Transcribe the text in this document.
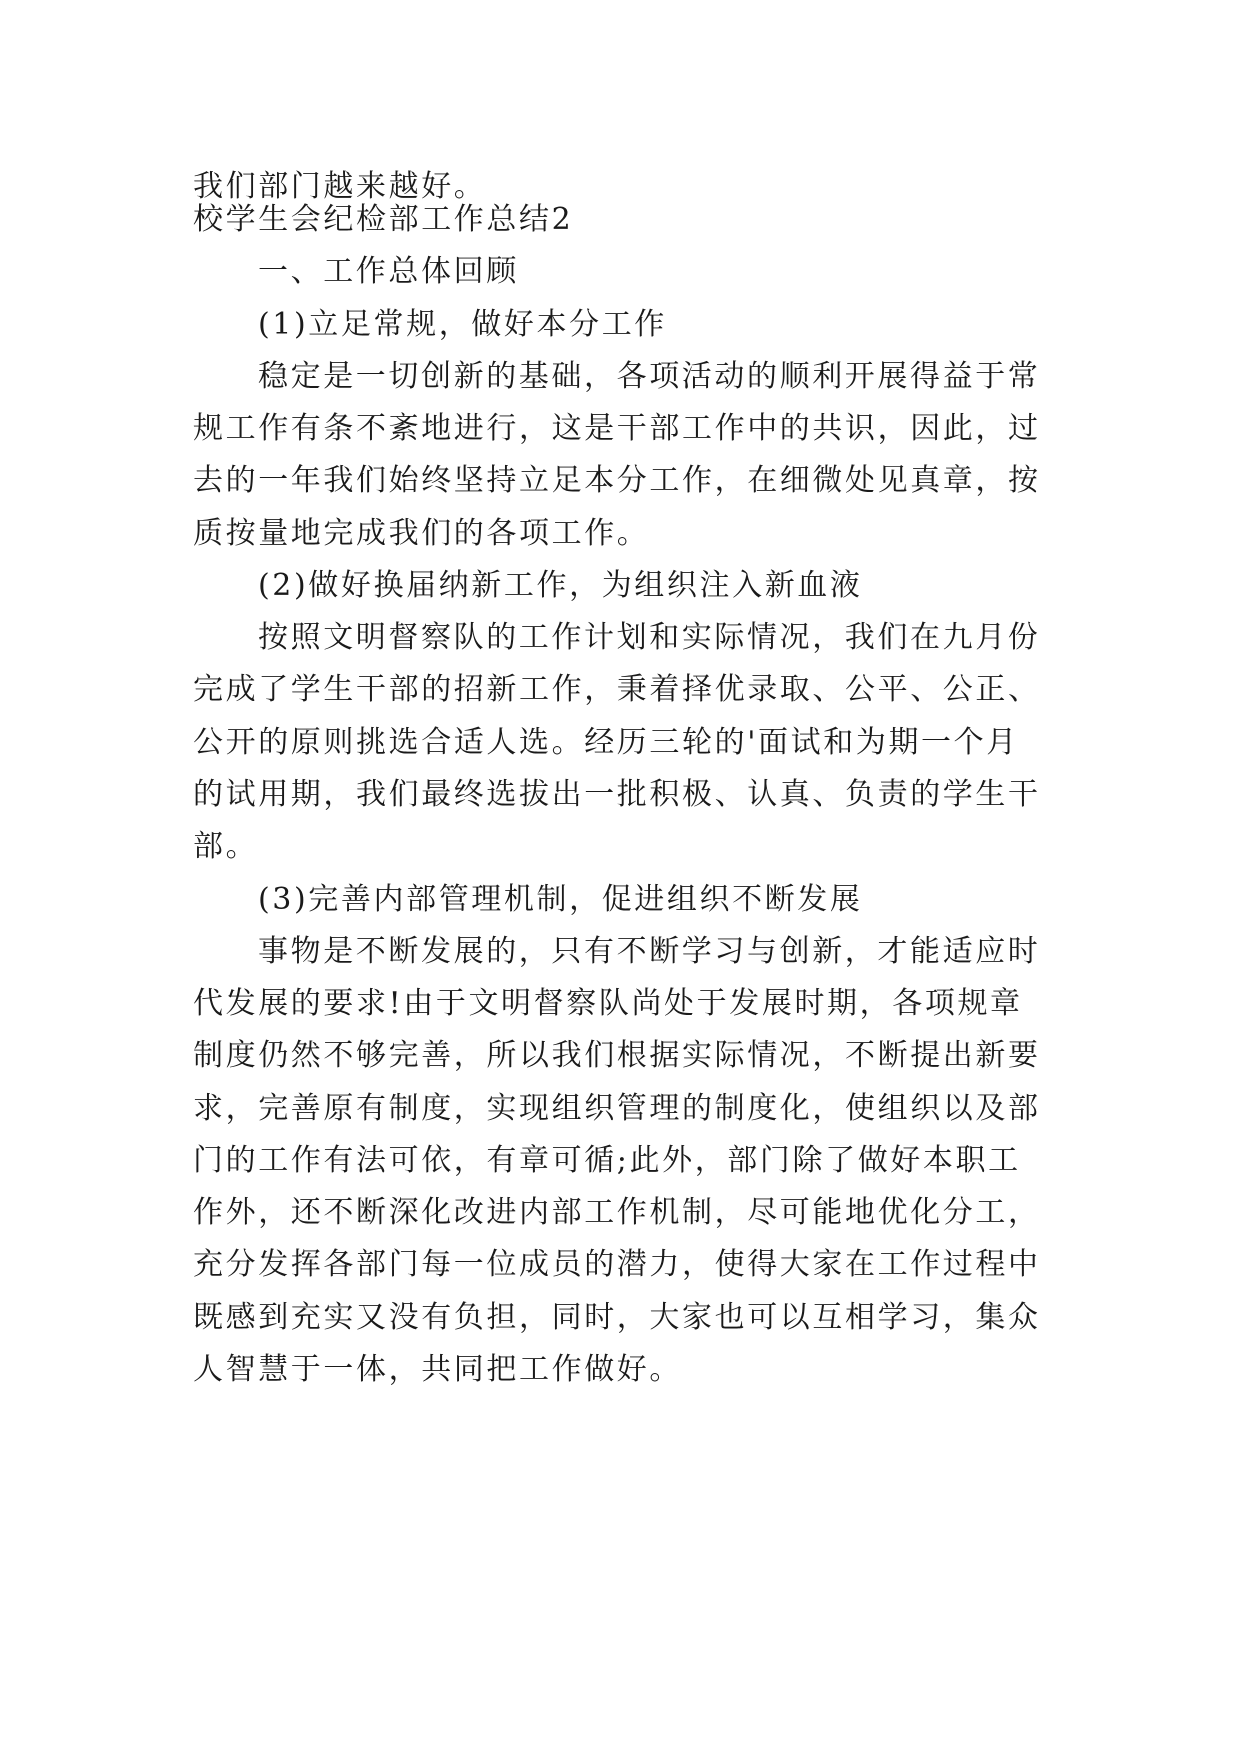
我们部门越来越好。

校学生会纪检部工作总结2

一、工作总体回顾

(1)立足常规，做好本分工作

稳定是一切创新的基础，各项活动的顺利开展得益于常

规工作有条不紊地进行，这是干部工作中的共识，因此，过

去的一年我们始终坚持立足本分工作，在细微处见真章，按

质按量地完成我们的各项工作。

(2)做好换届纳新工作，为组织注入新血液

按照文明督察队的工作计划和实际情况，我们在九月份

完成了学生干部的招新工作，秉着择优录取、公平、公正、

公开的原则挑选合适人选。经历三轮的'面试和为期一个月

的试用期，我们最终选拔出一批积极、认真、负责的学生干

部。

(3)完善内部管理机制，促进组织不断发展

事物是不断发展的，只有不断学习与创新，才能适应时

代发展的要求!由于文明督察队尚处于发展时期，各项规章

制度仍然不够完善，所以我们根据实际情况，不断提出新要

求，完善原有制度，实现组织管理的制度化，使组织以及部

门的工作有法可依，有章可循;此外，部门除了做好本职工

作外，还不断深化改进内部工作机制，尽可能地优化分工，

充分发挥各部门每一位成员的潜力，使得大家在工作过程中

既感到充实又没有负担，同时，大家也可以互相学习，集众

人智慧于一体，共同把工作做好。
